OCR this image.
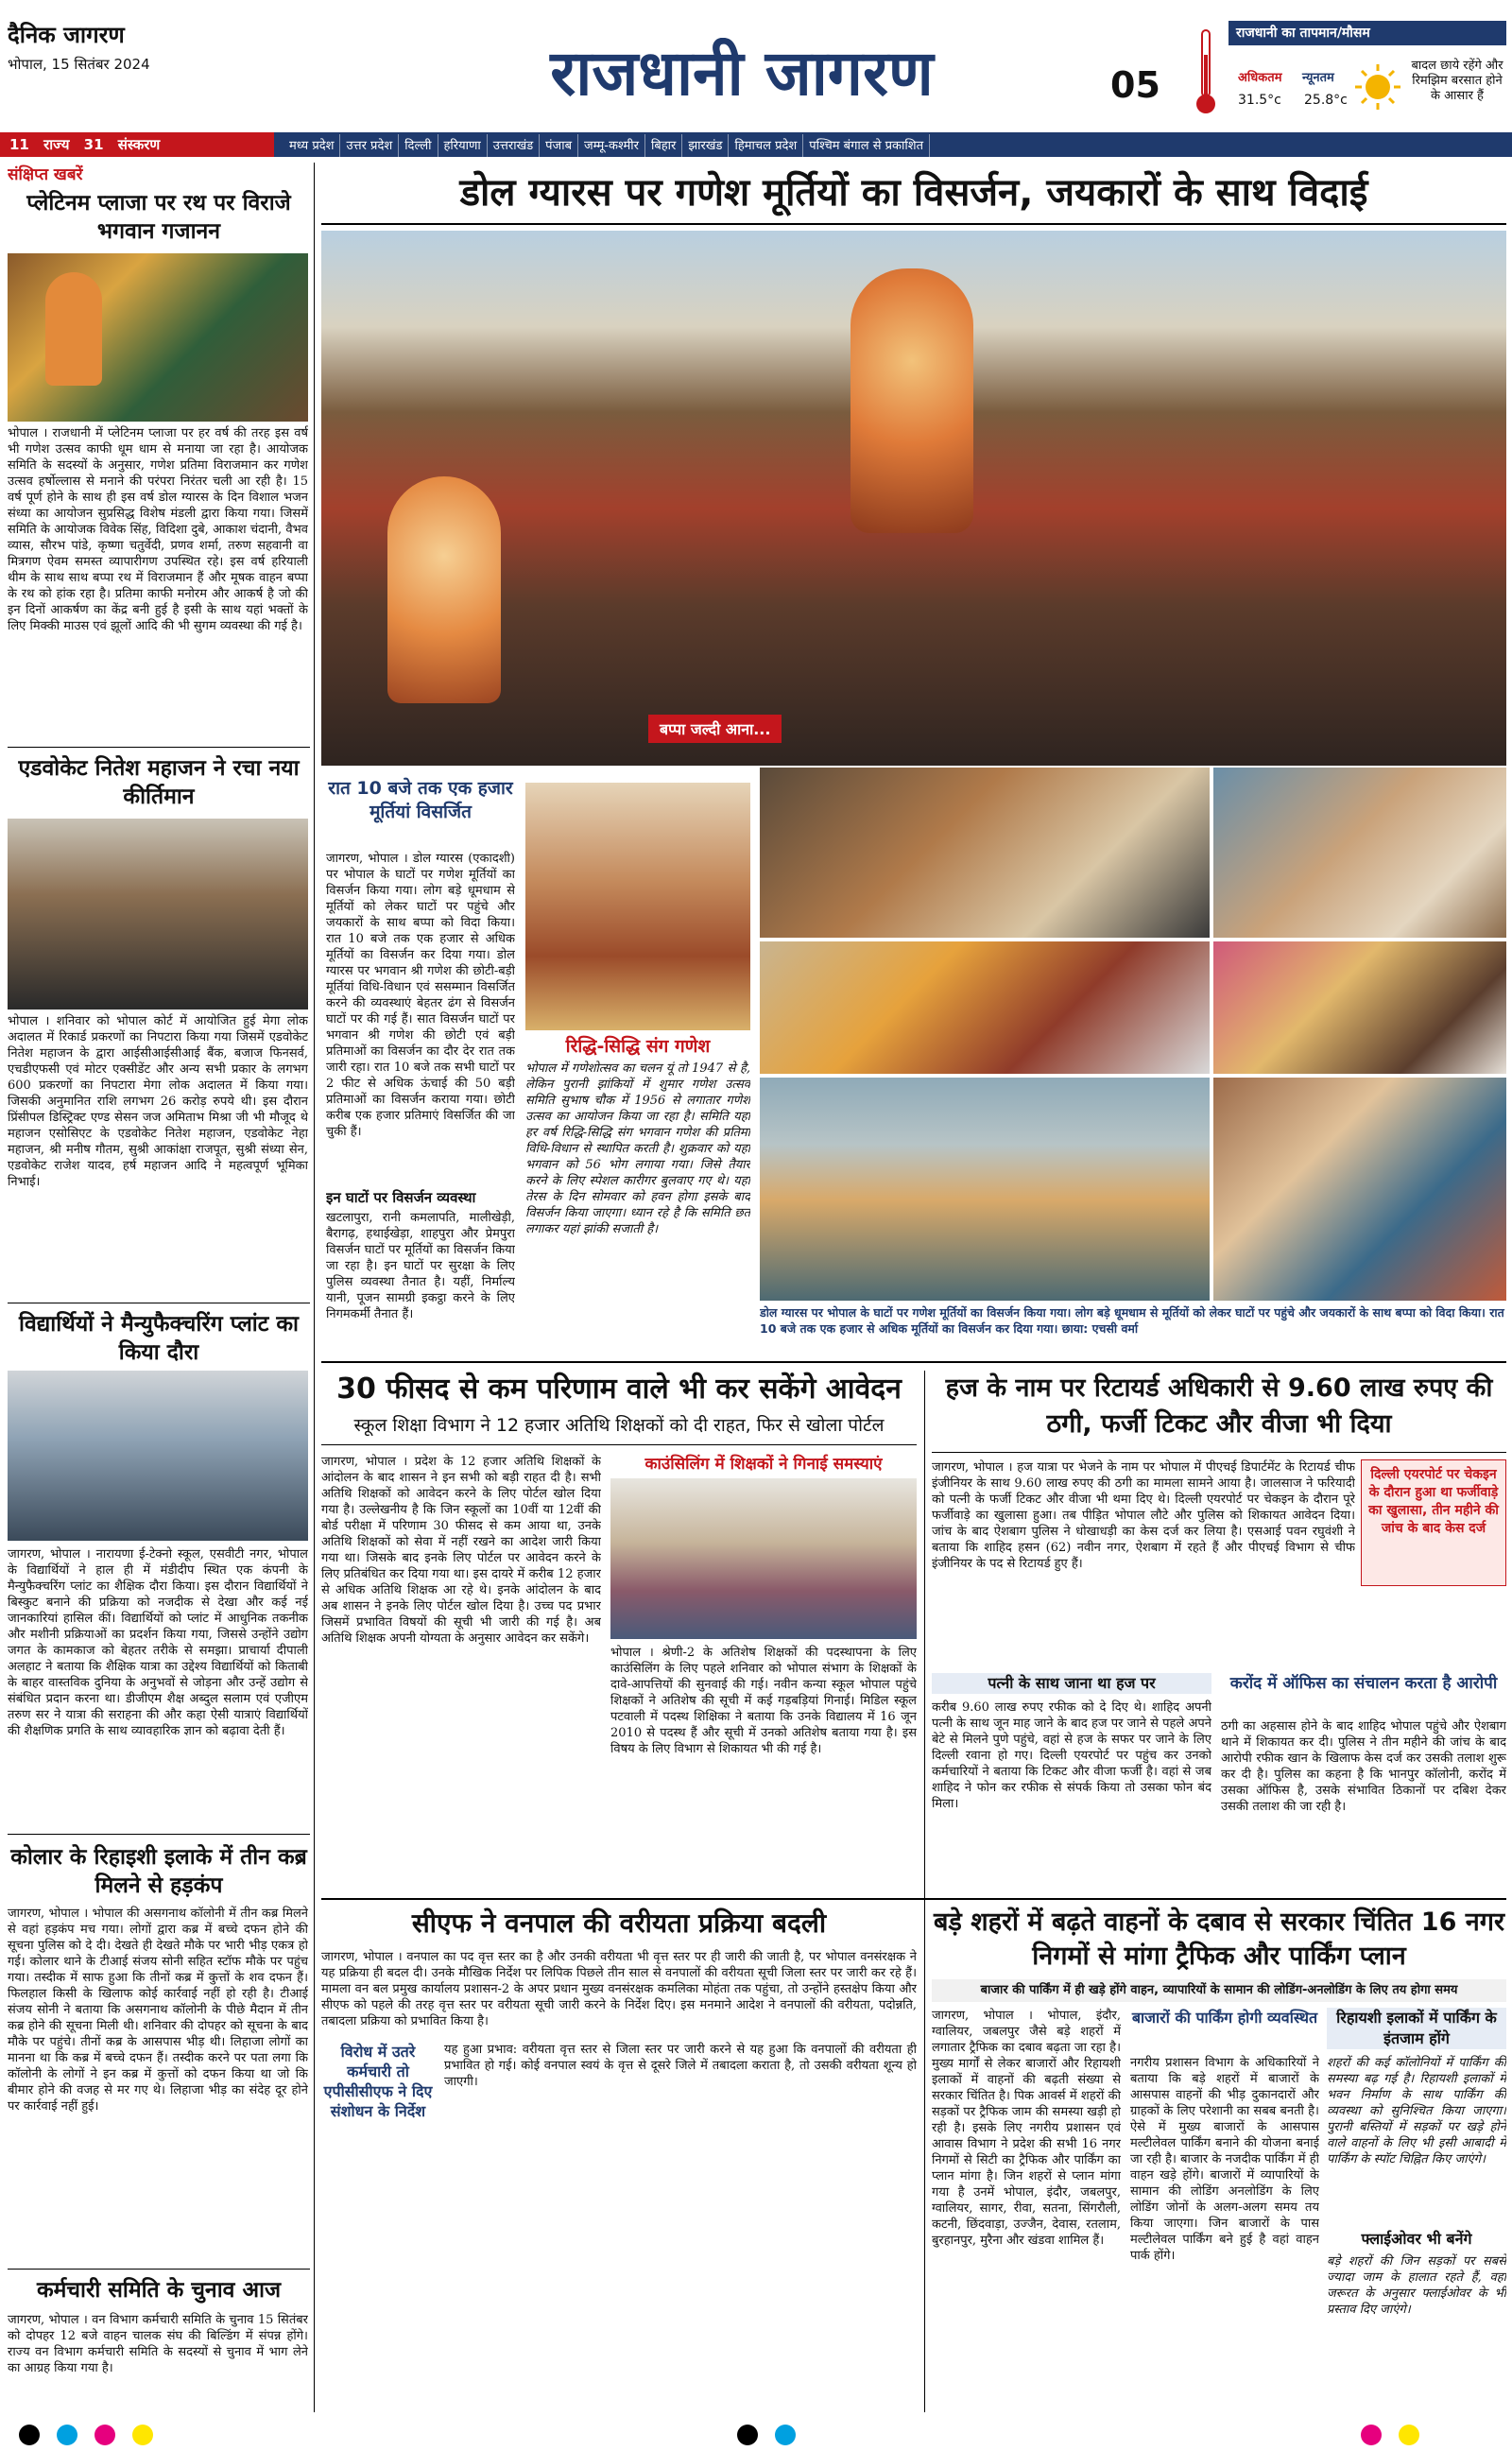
दैनिक जागरण
भोपाल, 15 सितंबर 2024	राजधानी जागरण	05
राजधानी का तापमान/मौसम
अधिकतम न्यूनतम
31.5°c 25.8°c
बादल छाये रहेंगे और रिमझिम बरसात होने के आसार हैं
11 राज्य 31 संस्करण	मध्य प्रदेश उत्तर प्रदेश दिल्ली हरियाणा उत्तराखंड पंजाब जम्मू-कश्मीर बिहार झारखंड हिमाचल प्रदेश पश्चिम बंगाल से प्रकाशित
संक्षिप्त खबरें
प्लेटिनम प्लाजा पर रथ पर विराजे भगवान गजानन
भोपाल । राजधानी में प्लेटिनम प्लाजा पर हर वर्ष की तरह इस वर्ष भी गणेश उत्सव काफी धूम धाम से मनाया जा रहा है। आयोजक समिति के सदस्यों के अनुसार, गणेश प्रतिमा विराजमान कर गणेश उत्सव हर्षोल्लास से मनाने की परंपरा निरंतर चली आ रही है। 15 वर्ष पूर्ण होने के साथ ही इस वर्ष डोल ग्यारस के दिन विशाल भजन संध्या का आयोजन सुप्रसिद्ध विशेष मंडली द्वारा किया गया। जिसमें समिति के आयोजक विवेक सिंह, विदिशा दुबे, आकाश चंदानी, वैभव व्यास, सौरभ पांडे, कृष्णा चतुर्वेदी, प्रणव शर्मा, तरुण सहवानी वा मित्रगण ऐवम समस्त व्यापारीगण उपस्थित रहे। इस वर्ष हरियाली थीम के साथ साथ बप्पा रथ में विराजमान हैं और मूषक वाहन बप्पा के रथ को हांक रहा है। प्रतिमा काफी मनोरम और आकर्ष है जो की इन दिनों आकर्षण का केंद्र बनी हुई है इसी के साथ यहां भक्तों के लिए मिक्की माउस एवं झूलों आदि की भी सुगम व्यवस्था की गई है।
एडवोकेट नितेश महाजन ने रचा नया कीर्तिमान
भोपाल । शनिवार को भोपाल कोर्ट में आयोजित हुई मेगा लोक अदालत में रिकार्ड प्रकरणों का निपटारा किया गया जिसमें एडवोकेट नितेश महाजन के द्वारा आईसीआईसीआई बैंक, बजाज फिनसर्व, एचडीएफसी एवं मोटर एक्सीडेंट और अन्य सभी प्रकार के लगभग 600 प्रकरणों का निपटारा मेगा लोक अदालत में किया गया। जिसकी अनुमानित राशि लगभग 26 करोड़ रुपये थी। इस दौरान प्रिंसीपल डिस्ट्रिक्ट एण्ड सेसन जज अमिताभ मिश्रा जी भी मौजूद थे महाजन एसोसिएट के एडवोकेट नितेश महाजन, एडवोकेट नेहा महाजन, श्री मनीष गौतम, सुश्री आकांक्षा राजपूत, सुश्री संध्या सेन, एडवोकेट राजेश यादव, हर्ष महाजन आदि ने महत्वपूर्ण भूमिका निभाई।
विद्यार्थियों ने मैन्युफैक्चरिंग प्लांट का किया दौरा
जागरण, भोपाल । नारायणा ई-टेक्नो स्कूल, एसवीटी नगर, भोपाल के विद्यार्थियों ने हाल ही में मंडीदीप स्थित एक कंपनी के मैन्युफैक्चरिंग प्लांट का शैक्षिक दौरा किया। इस दौरान विद्यार्थियों ने बिस्कुट बनाने की प्रक्रिया को नजदीक से देखा और कई नई जानकारियां हासिल कीं। विद्यार्थियों को प्लांट में आधुनिक तकनीक और मशीनी प्रक्रियाओं का प्रदर्शन किया गया, जिससे उन्होंने उद्योग जगत के कामकाज को बेहतर तरीके से समझा। प्राचार्या दीपाली अलहाट ने बताया कि शैक्षिक यात्रा का उद्देश्य विद्यार्थियों को किताबी के बाहर वास्तविक दुनिया के अनुभवों से जोड़ना और उन्हें उद्योग से संबंधित प्रदान करना था। डीजीएम शैक्ष अब्दुल सलाम एवं एजीएम तरुण सर ने यात्रा की सराहना की और कहा ऐसी यात्राएं विद्यार्थियों की शैक्षणिक प्रगति के साथ व्यावहारिक ज्ञान को बढ़ावा देती हैं।
कोलार के रिहाइशी इलाके में तीन कब्र मिलने से हड़कंप
जागरण, भोपाल । भोपाल की असगनाथ कॉलोनी में तीन कब्र मिलने से वहां हड़कंप मच गया। लोगों द्वारा कब्र में बच्चे दफन होने की सूचना पुलिस को दे दी। देखते ही देखते मौके पर भारी भीड़ एकत्र हो गई। कोलार थाने के टीआई संजय सोनी सहित स्टॉफ मौके पर पहुंच गया। तस्दीक में साफ हुआ कि तीनों कब्र में कुत्तों के शव दफन हैं। फिलहाल किसी के खिलाफ कोई कार्रवाई नहीं हो रही है। टीआई संजय सोनी ने बताया कि असगनाथ कॉलोनी के पीछे मैदान में तीन कब्र होने की सूचना मिली थी। शनिवार की दोपहर को सूचना के बाद मौके पर पहुंचे। तीनों कब्र के आसपास भीड़ थी। लिहाजा लोगों का मानना था कि कब्र में बच्चे दफन हैं। तस्दीक करने पर पता लगा कि कॉलोनी के लोगों ने इन कब्र में कुत्तों को दफन किया था जो कि बीमार होने की वजह से मर गए थे। लिहाजा भीड़ का संदेह दूर होने पर कार्रवाई नहीं हुई।
कर्मचारी समिति के चुनाव आज
जागरण, भोपाल । वन विभाग कर्मचारी समिति के चुनाव 15 सितंबर को दोपहर 12 बजे वाहन चालक संघ की बिल्डिंग में संपन्न होंगे। राज्य वन विभाग कर्मचारी समिति के सदस्यों से चुनाव में भाग लेने का आग्रह किया गया है।
डोल ग्यारस पर गणेश मूर्तियों का विसर्जन, जयकारों के साथ विदाई
बप्पा जल्दी आना...
रात 10 बजे तक एक हजार मूर्तियां विसर्जित
जागरण, भोपाल । डोल ग्यारस (एकादशी) पर भोपाल के घाटों पर गणेश मूर्तियों का विसर्जन किया गया। लोग बड़े धूमधाम से मूर्तियों को लेकर घाटों पर पहुंचे और जयकारों के साथ बप्पा को विदा किया। रात 10 बजे तक एक हजार से अधिक मूर्तियों का विसर्जन कर दिया गया। डोल ग्यारस पर भगवान श्री गणेश की छोटी-बड़ी मूर्तियां विधि-विधान एवं ससम्मान विसर्जित करने की व्यवस्थाएं बेहतर ढंग से विसर्जन घाटों पर की गई हैं। सात विसर्जन घाटों पर भगवान श्री गणेश की छोटी एवं बड़ी प्रतिमाओं का विसर्जन का दौर देर रात तक जारी रहा। रात 10 बजे तक सभी घाटों पर 2 फीट से अधिक ऊंचाई की 50 बड़ी प्रतिमाओं का विसर्जन कराया गया। छोटी करीब एक हजार प्रतिमाएं विसर्जित की जा चुकी हैं।
इन घाटों पर विसर्जन व्यवस्था
खटलापुरा, रानी कमलापति, मालीखेड़ी, बैरागढ़, हथाईखेड़ा, शाहपुरा और प्रेमपुरा विसर्जन घाटों पर मूर्तियों का विसर्जन किया जा रहा है। इन घाटों पर सुरक्षा के लिए पुलिस व्यवस्था तैनात है। यहीं, निर्माल्य यानी, पूजन सामग्री इकट्ठा करने के लिए निगमकर्मी तैनात हैं।
रिद्धि-सिद्धि संग गणेश
भोपाल में गणेशोत्सव का चलन यूं तो 1947 से है, लेकिन पुरानी झांकियों में शुमार गणेश उत्सव समिति सुभाष चौक में 1956 से लगातार गणेश उत्सव का आयोजन किया जा रहा है। समिति यहां हर वर्ष रिद्धि-सिद्धि संग भगवान गणेश की प्रतिमा विधि-विधान से स्थापित करती है। शुक्रवार को यहां भगवान को 56 भोग लगाया गया। जिसे तैयार करने के लिए स्पेशल कारीगर बुलवाए गए थे। यहां तेरस के दिन सोमवार को हवन होगा इसके बाद विसर्जन किया जाएगा। ध्यान रहे है कि समिति छत लगाकर यहां झांकी सजाती है।
डोल ग्यारस पर भोपाल के घाटों पर गणेश मूर्तियों का विसर्जन किया गया। लोग बड़े धूमधाम से मूर्तियों को लेकर घाटों पर पहुंचे और जयकारों के साथ बप्पा को विदा किया। रात 10 बजे तक एक हजार से अधिक मूर्तियों का विसर्जन कर दिया गया। छाया: एचसी वर्मा
30 फीसद से कम परिणाम वाले भी कर सकेंगे आवेदन
स्कूल शिक्षा विभाग ने 12 हजार अतिथि शिक्षकों को दी राहत, फिर से खोला पोर्टल
जागरण, भोपाल । प्रदेश के 12 हजार अतिथि शिक्षकों के आंदोलन के बाद शासन ने इन सभी को बड़ी राहत दी है। सभी अतिथि शिक्षकों को आवेदन करने के लिए पोर्टल खोल दिया गया है। उल्लेखनीय है कि जिन स्कूलों का 10वीं या 12वीं की बोर्ड परीक्षा में परिणाम 30 फीसद से कम आया था, उनके अतिथि शिक्षकों को सेवा में नहीं रखने का आदेश जारी किया गया था। जिसके बाद इनके लिए पोर्टल पर आवेदन करने के लिए प्रतिबंधित कर दिया गया था। इस दायरे में करीब 12 हजार से अधिक अतिथि शिक्षक आ रहे थे। इनके आंदोलन के बाद अब शासन ने इनके लिए पोर्टल खोल दिया है। उच्च पद प्रभार जिसमें प्रभावित विषयों की सूची भी जारी की गई है। अब अतिथि शिक्षक अपनी योग्यता के अनुसार आवेदन कर सकेंगे।
काउंसिलिंग में शिक्षकों ने गिनाई समस्याएं
भोपाल । श्रेणी-2 के अतिशेष शिक्षकों की पदस्थापना के लिए काउंसिलिंग के लिए पहले शनिवार को भोपाल संभाग के शिक्षकों के दावे-आपत्तियों की सुनवाई की गई। नवीन कन्या स्कूल भोपाल पहुंचे शिक्षकों ने अतिशेष की सूची में कई गड़बड़ियां गिनाई। मिडिल स्कूल पटवाली में पदस्थ शिक्षिका ने बताया कि उनके विद्यालय में 16 जून 2010 से पदस्थ हैं और सूची में उनको अतिशेष बताया गया है। इस विषय के लिए विभाग से शिकायत भी की गई है।
हज के नाम पर रिटायर्ड अधिकारी से 9.60 लाख रुपए की ठगी, फर्जी टिकट और वीजा भी दिया
जागरण, भोपाल । हज यात्रा पर भेजने के नाम पर भोपाल में पीएचई डिपार्टमेंट के रिटायर्ड चीफ इंजीनियर के साथ 9.60 लाख रुपए की ठगी का मामला सामने आया है। जालसाज ने फरियादी को पत्नी के फर्जी टिकट और वीजा भी थमा दिए थे। दिल्ली एयरपोर्ट पर चेकइन के दौरान पूरे फर्जीवाड़े का खुलासा हुआ। तब पीड़ित भोपाल लौटे और पुलिस को शिकायत आवेदन दिया। जांच के बाद ऐशबाग पुलिस ने धोखाधड़ी का केस दर्ज कर लिया है। एसआई पवन रघुवंशी ने बताया कि शाहिद हसन (62) नवीन नगर, ऐशबाग में रहते हैं और पीएचई विभाग से चीफ इंजीनियर के पद से रिटायर्ड हुए हैं।
दिल्ली एयरपोर्ट पर चेकइन के दौरान हुआ था फर्जीवाड़े का खुलासा, तीन महीने की जांच के बाद केस दर्ज
पत्नी के साथ जाना था हज पर
करीब 9.60 लाख रुपए रफीक को दे दिए थे। शाहिद अपनी पत्नी के साथ जून माह जाने के बाद हज पर जाने से पहले अपने बेटे से मिलने पुणे पहुंचे, वहां से हज के सफर पर जाने के लिए दिल्ली रवाना हो गए। दिल्ली एयरपोर्ट पर पहुंच कर उनको कर्मचारियों ने बताया कि टिकट और वीजा फर्जी है। वहां से जब शाहिद ने फोन कर रफीक से संपर्क किया तो उसका फोन बंद मिला।
करोंद में ऑफिस का संचालन करता है आरोपी
ठगी का अहसास होने के बाद शाहिद भोपाल पहुंचे और ऐशबाग थाने में शिकायत कर दी। पुलिस ने तीन महीने की जांच के बाद आरोपी रफीक खान के खिलाफ केस दर्ज कर उसकी तलाश शुरू कर दी है। पुलिस का कहना है कि भानपुर कॉलोनी, करोंद में उसका ऑफिस है, उसके संभावित ठिकानों पर दबिश देकर उसकी तलाश की जा रही है।
सीएफ ने वनपाल की वरीयता प्रक्रिया बदली
जागरण, भोपाल । वनपाल का पद वृत्त स्तर का है और उनकी वरीयता भी वृत्त स्तर पर ही जारी की जाती है, पर भोपाल वनसंरक्षक ने यह प्रक्रिया ही बदल दी। उनके मौखिक निर्देश पर लिपिक पिछले तीन साल से वनपालों की वरीयता सूची जिला स्तर पर जारी कर रहे हैं। मामला वन बल प्रमुख कार्यालय प्रशासन-2 के अपर प्रधान मुख्य वनसंरक्षक कमलिका मोहंता तक पहुंचा, तो उन्होंने हस्तक्षेप किया और सीएफ को पहले की तरह वृत्त स्तर पर वरीयता सूची जारी करने के निर्देश दिए। इस मनमाने आदेश ने वनपालों की वरीयता, पदोन्नति, तबादला प्रक्रिया को प्रभावित किया है।
विरोध में उतरे कर्मचारी तो एपीसीसीएफ ने दिए संशोधन के निर्देश
यह हुआ प्रभाव: वरीयता वृत्त स्तर से जिला स्तर पर जारी करने से यह हुआ कि वनपालों की वरीयता ही प्रभावित हो गई। कोई वनपाल स्वयं के वृत्त से दूसरे जिले में तबादला कराता है, तो उसकी वरीयता शून्य हो जाएगी।
बड़े शहरों में बढ़ते वाहनों के दबाव से सरकार चिंतित 16 नगर निगमों से मांगा ट्रैफिक और पार्किंग प्लान
बाजार की पार्किंग में ही खड़े होंगे वाहन, व्यापारियों के सामान की लोडिंग-अनलोडिंग के लिए तय होगा समय
जागरण, भोपाल । भोपाल, इंदौर, ग्वालियर, जबलपुर जैसे बड़े शहरों में लगातार ट्रैफिक का दबाव बढ़ता जा रहा है। मुख्य मार्गों से लेकर बाजारों और रिहायशी इलाकों में वाहनों की बढ़ती संख्या से सरकार चिंतित है। पिक आवर्स में शहरों की सड़कों पर ट्रैफिक जाम की समस्या खड़ी हो रही है। इसके लिए नगरीय प्रशासन एवं आवास विभाग ने प्रदेश की सभी 16 नगर निगमों से सिटी का ट्रैफिक और पार्किंग का प्लान मांगा है। जिन शहरों से प्लान मांगा गया है उनमें भोपाल, इंदौर, जबलपुर, ग्वालियर, सागर, रीवा, सतना, सिंगरौली, कटनी, छिंदवाड़ा, उज्जैन, देवास, रतलाम, बुरहानपुर, मुरैना और खंडवा शामिल हैं।
बाजारों की पार्किंग होगी व्यवस्थित
नगरीय प्रशासन विभाग के अधिकारियों ने बताया कि बड़े शहरों में बाजारों के आसपास वाहनों की भीड़ दुकानदारों और ग्राहकों के लिए परेशानी का सबब बनती है। ऐसे में मुख्य बाजारों के आसपास मल्टीलेवल पार्किंग बनाने की योजना बनाई जा रही है। बाजार के नजदीक पार्किंग में ही वाहन खड़े होंगे। बाजारों में व्यापारियों के सामान की लोडिंग अनलोडिंग के लिए लोडिंग जोनों के अलग-अलग समय तय किया जाएगा। जिन बाजारों के पास मल्टीलेवल पार्किंग बने हुई है वहां वाहन पार्क होंगे।
रिहायशी इलाकों में पार्किंग के इंतजाम होंगे
शहरों की कई कॉलोनियों में पार्किंग की समस्या बढ़ गई है। रिहायशी इलाकों में भवन निर्माण के साथ पार्किंग की व्यवस्था को सुनिश्चित किया जाएगा। पुरानी बस्तियों में सड़कों पर खड़े होने वाले वाहनों के लिए भी इसी आबादी में पार्किंग के स्पॉट चिह्नित किए जाएंगे।
फ्लाईओवर भी बनेंगे
बड़े शहरों की जिन सड़कों पर सबसे ज्यादा जाम के हालात रहते हैं, वहां जरूरत के अनुसार फ्लाईओवर के भी प्रस्ताव दिए जाएंगे।
